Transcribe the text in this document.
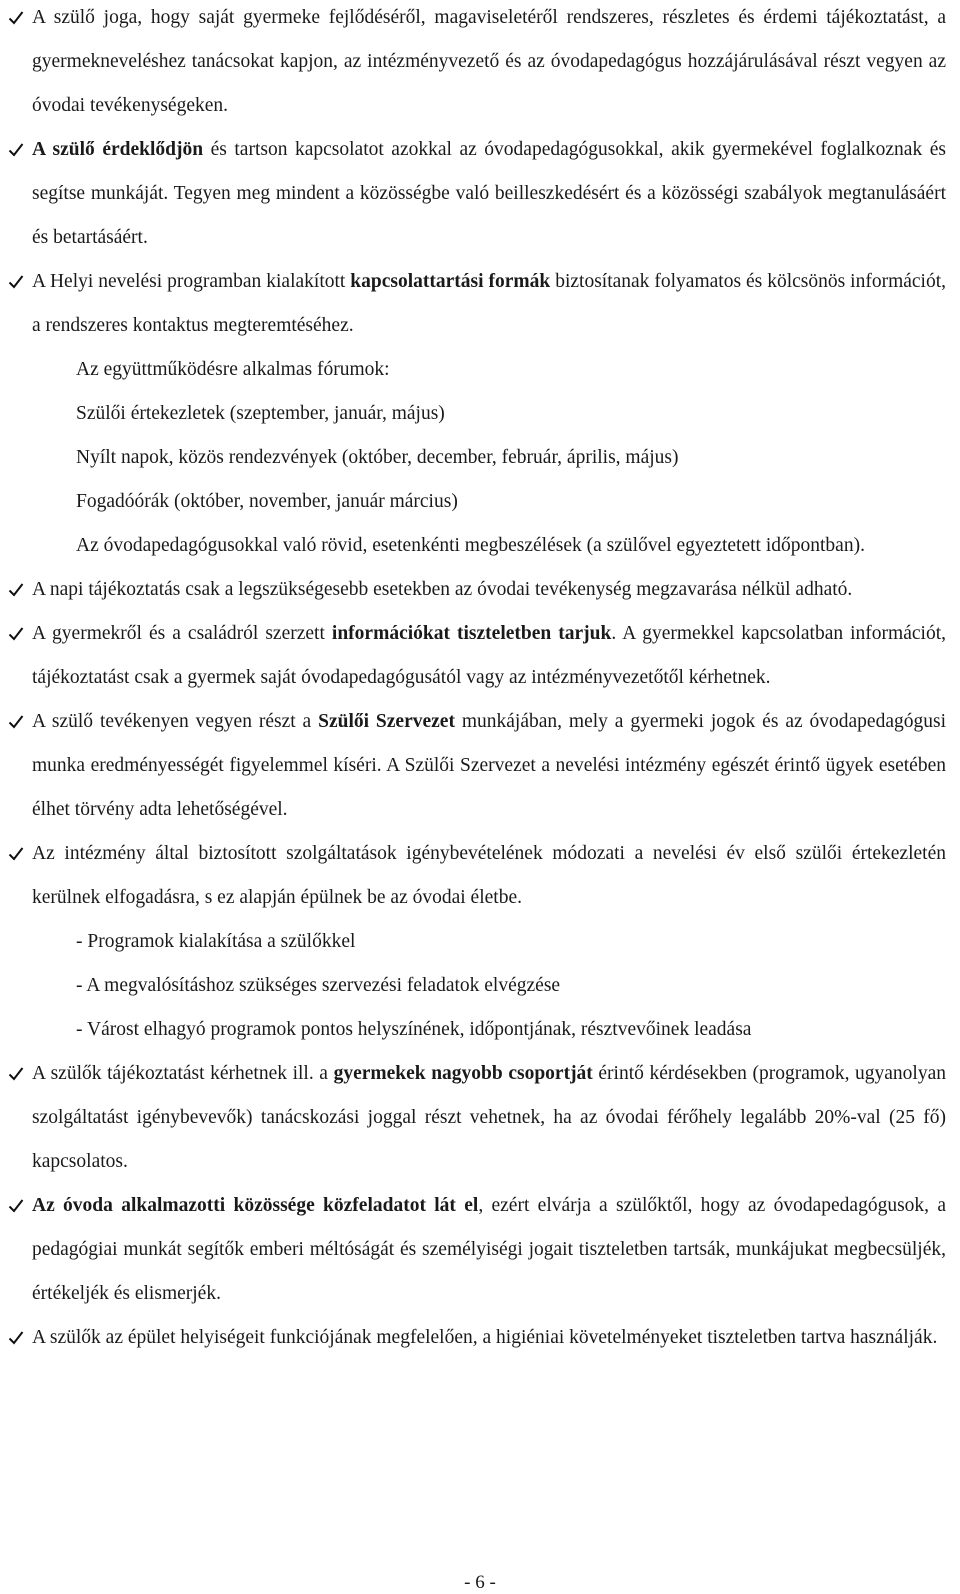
A szülő joga, hogy saját gyermeke fejlődéséről, magaviseletéről rendszeres, részletes és érdemi tájékoztatást, a gyermekneveléshez tanácsokat kapjon, az intézményvezető és az óvodapedagógus hozzájárulásával részt vegyen az óvodai tevékenységeken.
A szülő érdeklődjön és tartson kapcsolatot azokkal az óvodapedagógusokkal, akik gyermekével foglalkoznak és segítse munkáját. Tegyen meg mindent a közösségbe való beilleszkedésért és a közösségi szabályok megtanulásáért és betartásáért.
A Helyi nevelési programban kialakított kapcsolattartási formák biztosítanak folyamatos és kölcsönös információt, a rendszeres kontaktus megteremtéséhez.
Az együttműködésre alkalmas fórumok:
Szülői értekezletek (szeptember, január, május)
Nyílt napok, közös rendezvények (október, december, február, április, május)
Fogadóórák (október, november, január március)
Az óvodapedagógusokkal való rövid, esetenkénti megbeszélések (a szülővel egyeztetett időpontban).
A napi tájékoztatás csak a legszükségesebb esetekben az óvodai tevékenység megzavarása nélkül adható.
A gyermekről és a családról szerzett információkat tiszteletben tarjuk. A gyermekkel kapcsolatban információt, tájékoztatást csak a gyermek saját óvodapedagógusától vagy az intézményvezetőtől kérhetnek.
A szülő tevékenyen vegyen részt a Szülői Szervezet munkájában, mely a gyermeki jogok és az óvodapedagógusi munka eredményességét figyelemmel kíséri. A Szülői Szervezet a nevelési intézmény egészét érintő ügyek esetében élhet törvény adta lehetőségével.
Az intézmény által biztosított szolgáltatások igénybevételének módozati a nevelési év első szülői értekezletén kerülnek elfogadásra, s ez alapján épülnek be az óvodai életbe.
- Programok kialakítása a szülőkkel
- A megvalósításhoz szükséges szervezési feladatok elvégzése
- Várost elhagyó programok pontos helyszínének, időpontjának, résztvevőinek leadása
A szülők tájékoztatást kérhetnek ill. a gyermekek nagyobb csoportját érintő kérdésekben (programok, ugyanolyan szolgáltatást igénybevevők) tanácskozási joggal részt vehetnek, ha az óvodai férőhely legalább 20%-val (25 fő) kapcsolatos.
Az óvoda alkalmazotti közössége közfeladatot lát el, ezért elvárja a szülőktől, hogy az óvodapedagógusok, a pedagógiai munkát segítők emberi méltóságát és személyiségi jogait tiszteletben tartsák, munkájukat megbecsüljék, értékeljék és elismerjék.
A szülők az épület helyiségeit funkciójának megfelelően, a higiéniai követelményeket tiszteletben tartva használják.
- 6 -
